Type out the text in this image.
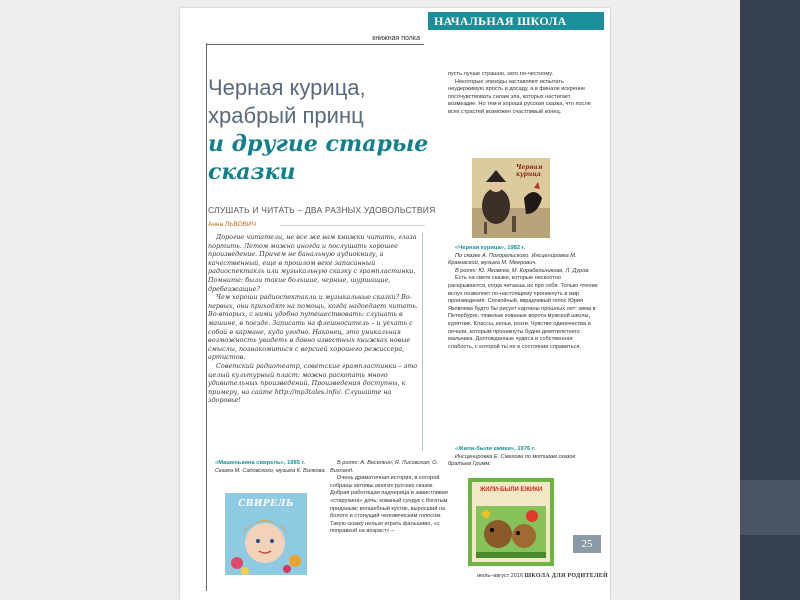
книжная полка
НАЧАЛЬНАЯ ШКОЛА
Черная курица,
храбрый принц
и другие старые
сказки
СЛУШАТЬ И ЧИТАТЬ – ДВА РАЗНЫХ УДОВОЛЬСТВИЯ
Анна ЛЬВОВИЧ

Дорогие читатели, не все же вам книжки читать, глаза портить. Летом можно иногда и послушать хорошее произведение. Причем не банальную аудиокнигу, а качественный, еще в прошлом веке записанный радиоспектакль или музыкальную сказку с грампластинки. Помните: были такие большие, черные, шуршащие, дребезжащие?

Чем хороши радиоспектакли и музыкальные сказки? Во-первых, они приходят на помощь, когда надоедает читать. Во-вторых, с ними удобно путешествовать: слушать в машине, в поезде. Записать на флешноситель – и уехать с собой в кармане, куда угодно. Наконец, это уникальная возможность увидеть в давно известных книжках новые смыслы, познакомиться с версией хорошего режиссера, артистов.

Советский радиотеатр, советские грампластинки – это целый культурный пласт: можно раскопать много удивительных произведений. Произведения доступны, к примеру, на сайте http://mp3tales.info/. Слушайте на здоровье!

пусть лучше страшно, зато по-честному.

Некоторые эпизоды заставляют испытать неудержимую ярость и досаду, а в финале искренне посочувствовать силам зла, которых настигает возмездие. Но тем и хороша русская сказка, что после всех страстей возможен счастливый конец.

Черная курица

«Черная курица», 1982 г.

По сказке А. Погорельского. Инсценировка М. Краковской, музыка М. Меерович.

В ролях: Ю. Яковлев, М. Корабельникова, Л. Дуров.

Есть на свете сказки, которые нескоотно раскрываются, когда читаешь их про себя. Только чтение вслух позволяет по-настоящему проникнуть в мир произведения. Спокойный, вкрадчивый голос Юрия Яковлева будто бы рисует картины прошлых лет: зима в Петербурге, тяжелые кованые ворота мужской школы, курятник. Классы, кельи, розги. Чувство одиночества и печали, которым проникнуты будни девятилетнего мальчика. Долгожданные чудеса и собственная слабость, с которой ты не в состоянии справиться.

«Жили-были ежики», 1976 г.

Инсценировка Е. Смехова по мотивам сказок братьев Гримм.

ЖИЛИ-БЫЛИ ЕЖИКИ

«Машенькина свирель», 1985 г.

Сказка М. Садовского, музыка К. Волкова.

СВИРЕЛЬ

В ролях: А. Веселкин, Я. Лисовская, О. Вихланд.

Очень драматичная история, в которой собраны мотивы многих русских сказок. Добрая работящая падчерица и завистливая «старухина» дочь; кованый сундук с богатым приданым; волшебный кустик, выросший на болоте и стонущий человеческим голосом. Такую сказку нельзя играть фальшиво, «с поправкой на возраст» –

25
июль–август 2016 ШКОЛА ДЛЯ РОДИТЕЛЕЙ
